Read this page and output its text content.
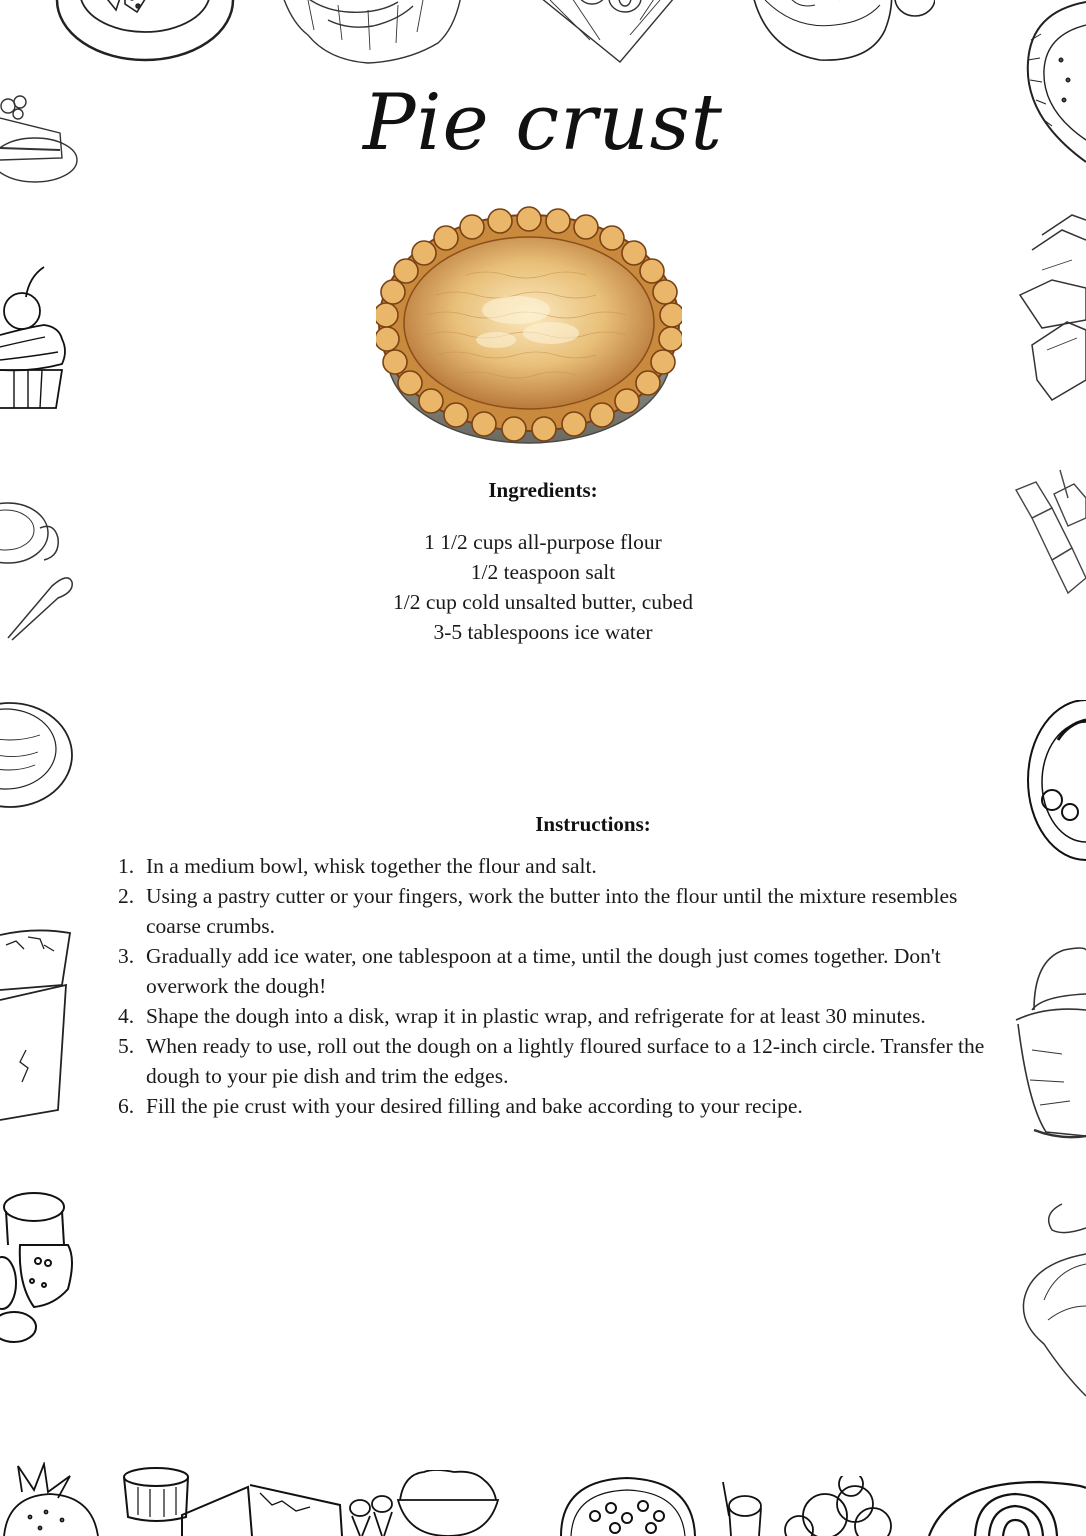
Pie crust
Ingredients:
1 1/2 cups all-purpose flour
1/2 teaspoon salt
1/2 cup cold unsalted butter, cubed
3-5 tablespoons ice water
Instructions:
1. In a medium bowl, whisk together the flour and salt.
2. Using a pastry cutter or your fingers, work the butter into the flour until the mixture resembles coarse crumbs.
3. Gradually add ice water, one tablespoon at a time, until the dough just comes together. Don't overwork the dough!
4. Shape the dough into a disk, wrap it in plastic wrap, and refrigerate for at least 30 minutes.
5. When ready to use, roll out the dough on a lightly floured surface to a 12-inch circle. Transfer the dough to your pie dish and trim the edges.
6. Fill the pie crust with your desired filling and bake according to your recipe.
